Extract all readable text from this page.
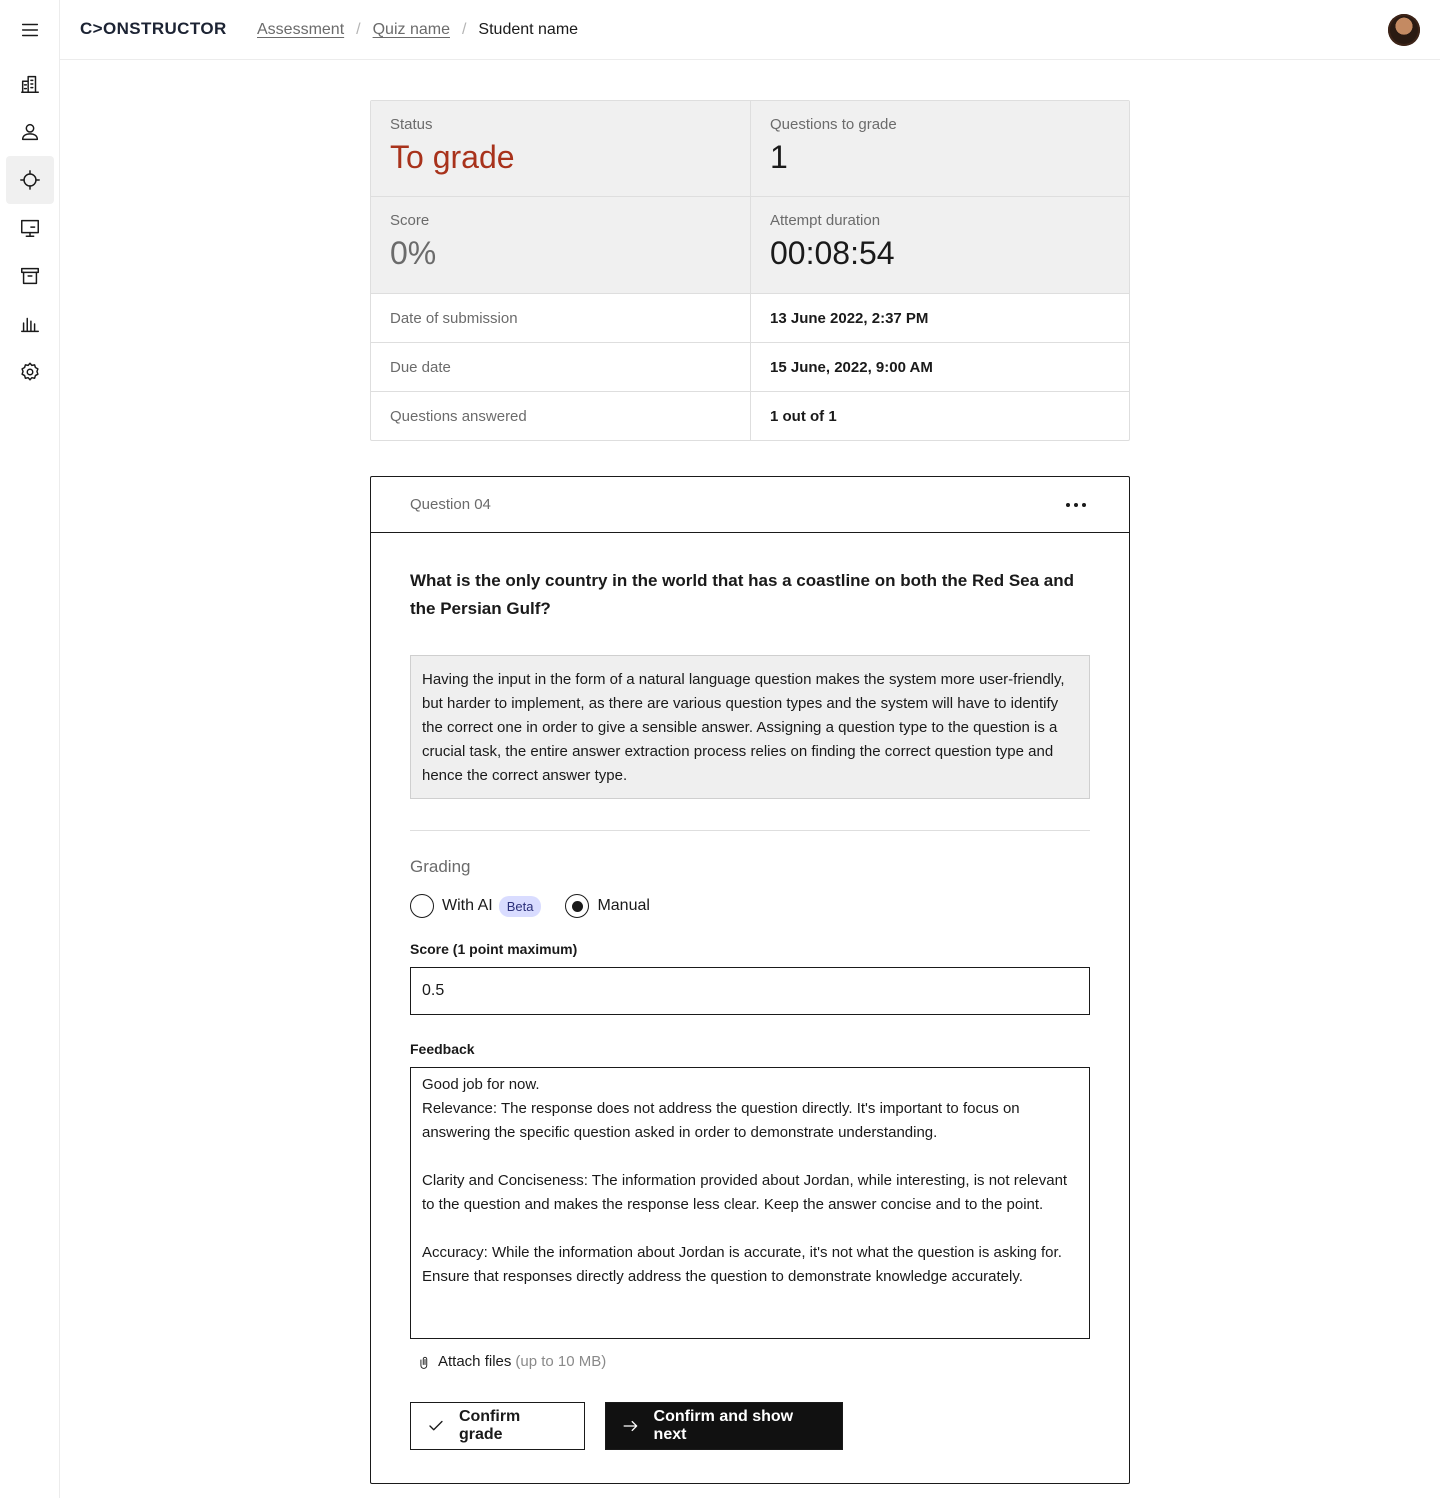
C>ONSTRUCTOR Assessment / Quiz name / Student name
Status
To grade
Questions to grade
1
Score
0%
Attempt duration
00:08:54
Date of submission	13 June 2022, 2:37 PM
Due date	15 June, 2022, 9:00 AM
Questions answered	1 out of 1
Question 04
What is the only country in the world that has a coastline on both the Red Sea and the Persian Gulf?
Having the input in the form of a natural language question makes the system more user-friendly, but harder to implement, as there are various question types and the system will have to identify the correct one in order to give a sensible answer. Assigning a question type to the question is a crucial task, the entire answer extraction process relies on finding the correct question type and hence the correct answer type.
Grading
With AI	Beta	Manual
Score (1 point maximum)
0.5
Feedback
Good job for now. Relevance: The response does not address the question directly. It's important to focus on answering the specific question asked in order to demonstrate understanding. Clarity and Conciseness: The information provided about Jordan, while interesting, is not relevant to the question and makes the response less clear. Keep the answer concise and to the point. Accuracy: While the information about Jordan is accurate, it's not what the question is asking for. Ensure that responses directly address the question to demonstrate knowledge accurately.
Attach files (up to 10 MB)
Confirm grade
Confirm and show next
